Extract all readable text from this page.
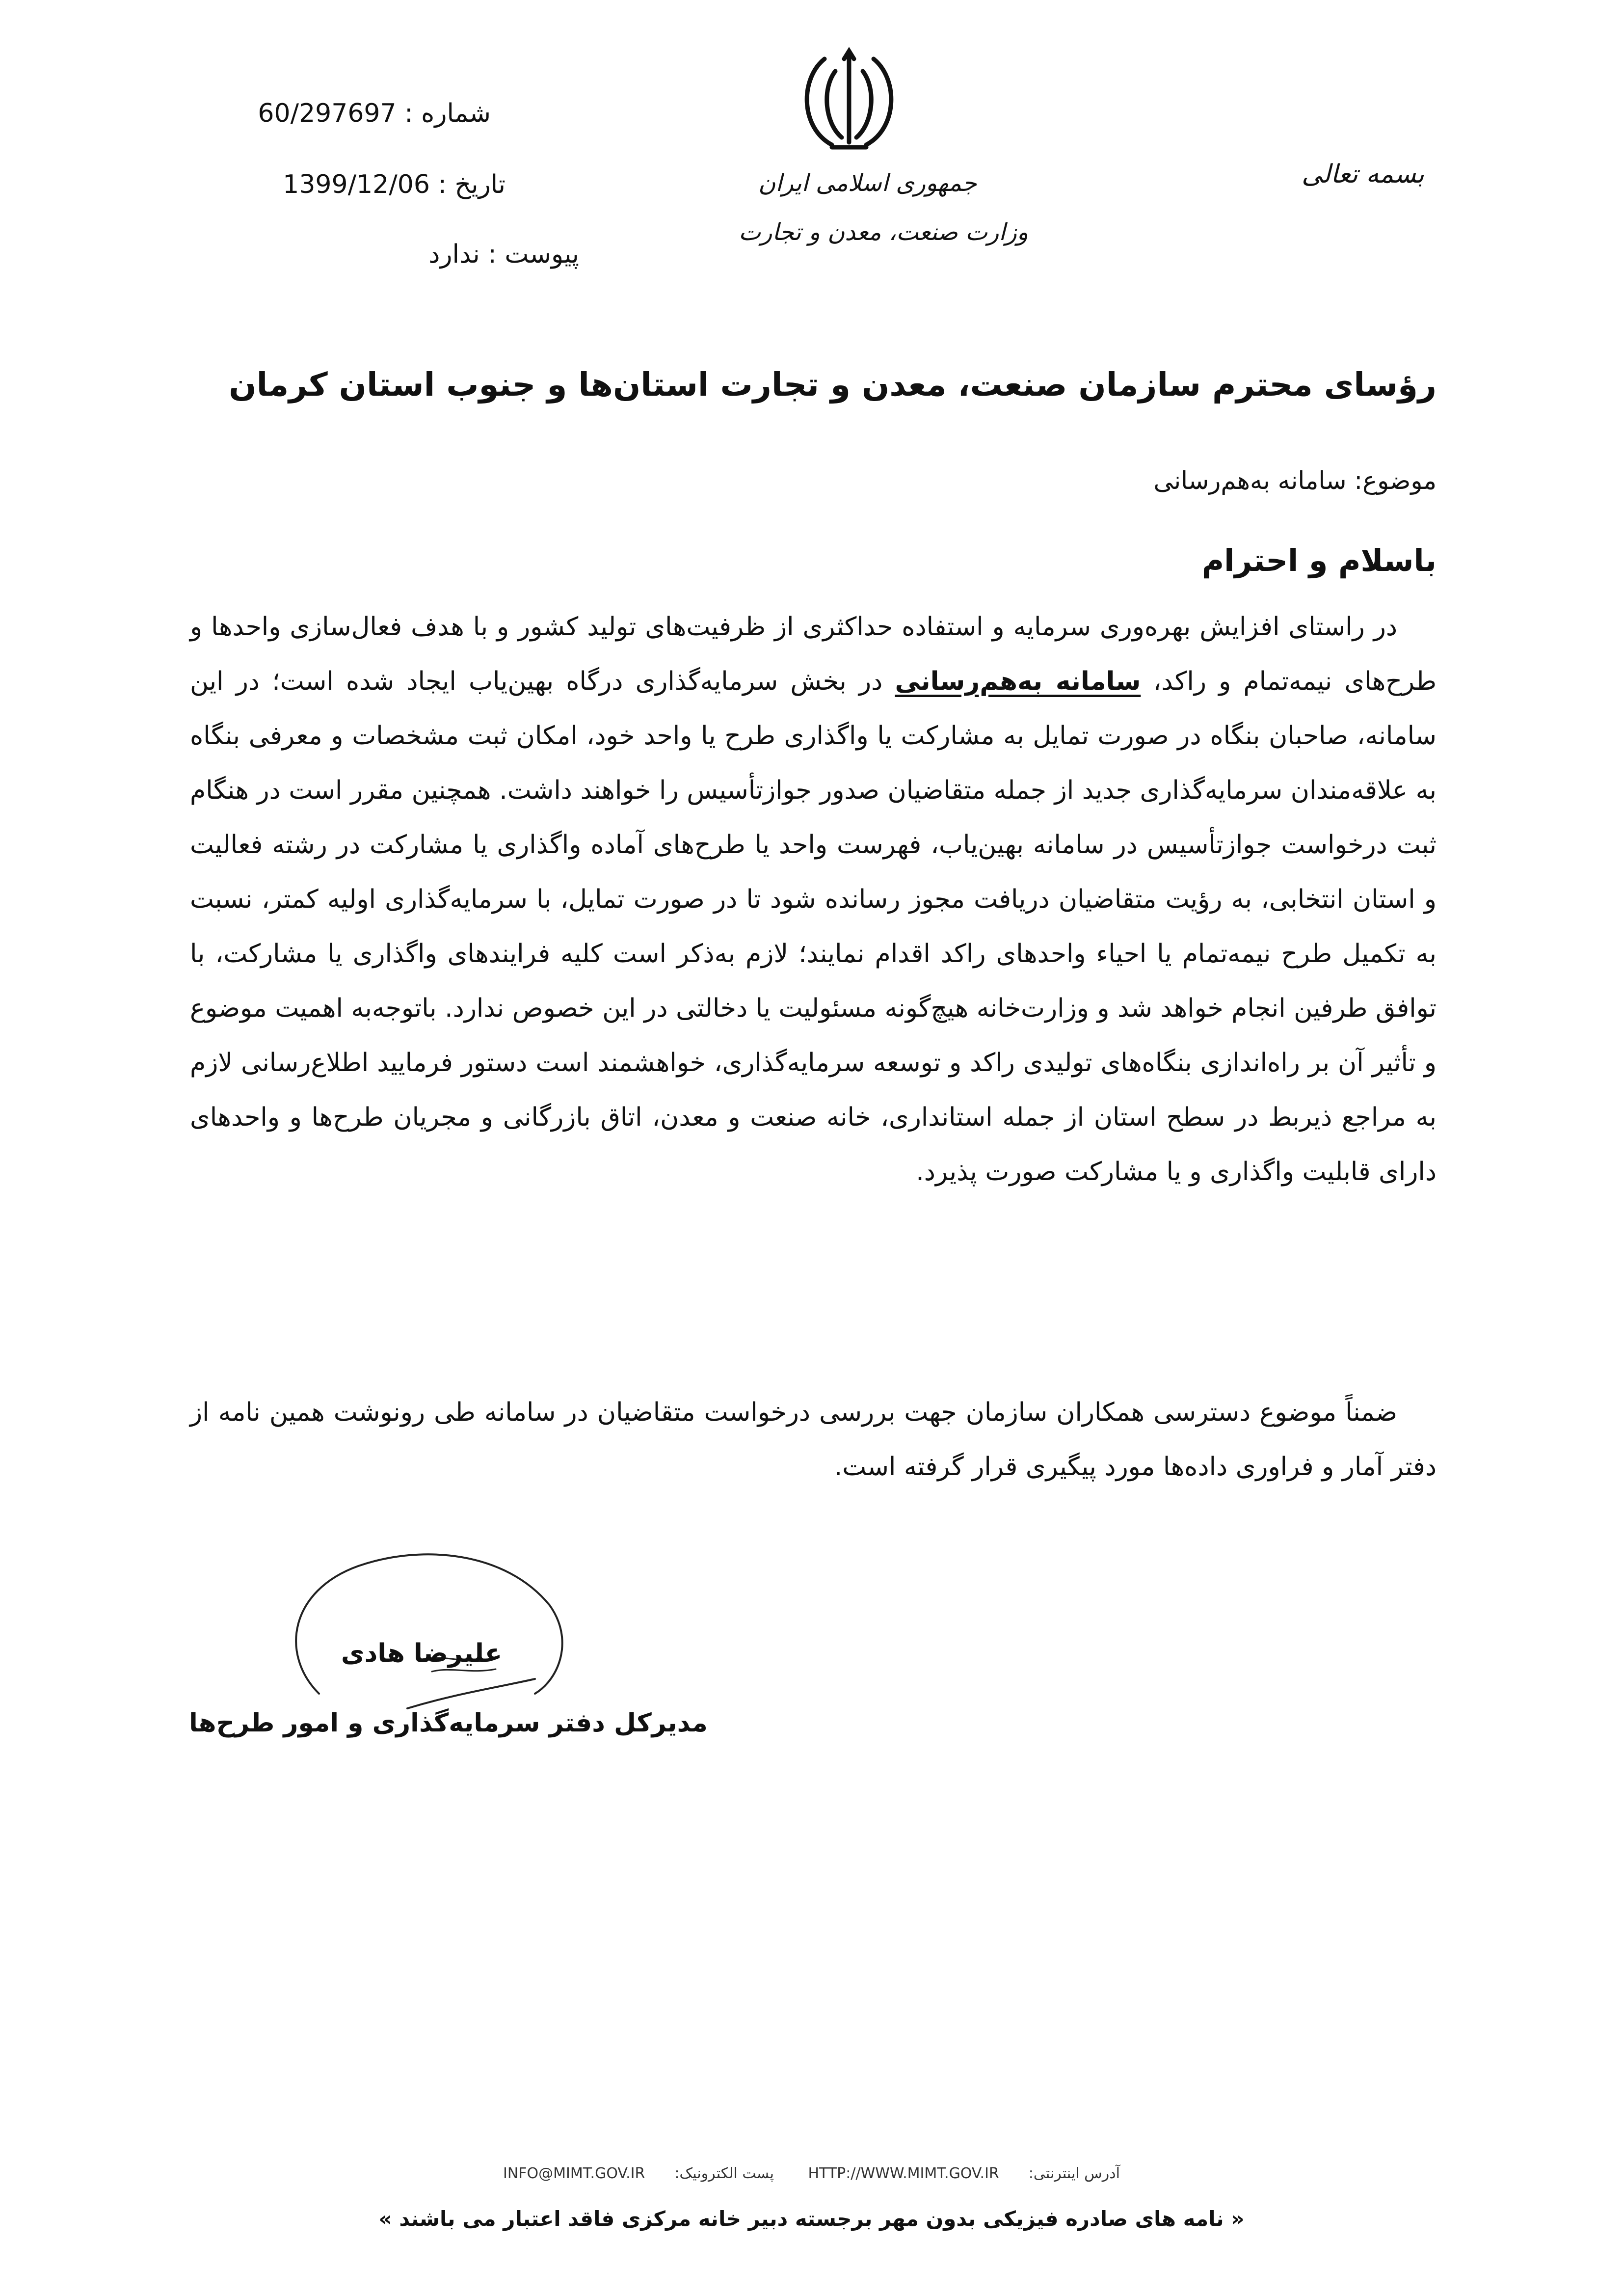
شماره : 60/297697
تاریخ : 1399/12/06
پیوست : ندارد
جمهوری اسلامی ایران
وزارت صنعت، معدن و تجارت
بسمه تعالی
رؤسای محترم سازمان صنعت، معدن و تجارت استان‌ها و جنوب استان کرمان
موضوع: سامانه به‌هم‌رسانی
باسلام و احترام
در راستای افزایش بهره‌وری سرمایه و استفاده حداکثری از ظرفیت‌های تولید کشور و با هدف فعال‌سازی واحدها و طرح‌های نیمه‌تمام و راکد، سامانه به‌هم‌رسانی در بخش سرمایه‌گذاری درگاه بهین‌یاب ایجاد شده است؛ در این سامانه، صاحبان بنگاه در صورت تمایل به مشارکت یا واگذاری طرح یا واحد خود، امکان ثبت مشخصات و معرفی بنگاه به علاقه‌مندان سرمایه‌گذاری جدید از جمله متقاضیان صدور جوازتأسیس را خواهند داشت. همچنین مقرر است در هنگام ثبت درخواست جوازتأسیس در سامانه بهین‌یاب، فهرست واحد یا طرح‌های آماده واگذاری یا مشارکت در رشته فعالیت و استان انتخابی، به رؤیت متقاضیان دریافت مجوز رسانده شود تا در صورت تمایل، با سرمایه‌گذاری اولیه کمتر، نسبت به تکمیل طرح نیمه‌تمام یا احیاء واحدهای راکد اقدام نمایند؛ لازم به‌ذکر است کلیه فرایندهای واگذاری یا مشارکت، با توافق طرفین انجام خواهد شد و وزارت‌خانه هیچ‌گونه مسئولیت یا دخالتی در این خصوص ندارد. باتوجه‌به اهمیت موضوع و تأثیر آن بر راه‌اندازی بنگاه‌های تولیدی راکد و توسعه سرمایه‌گذاری، خواهشمند است دستور فرمایید اطلاع‌رسانی لازم به مراجع ذیربط در سطح استان از جمله استانداری، خانه صنعت و معدن، اتاق بازرگانی و مجریان طرح‌ها و واحدهای دارای قابلیت واگذاری و یا مشارکت صورت پذیرد.
ضمناً موضوع دسترسی همکاران سازمان جهت بررسی درخواست متقاضیان در سامانه طی رونوشت همین نامه از دفتر آمار و فراوری داده‌ها مورد پیگیری قرار گرفته است.
علیرضا هادی
مدیرکل دفتر سرمایه‌گذاری و امور طرح‌ها
INFO@MIMT.GOV.IR پست الکترونیک: HTTP://WWW.MIMT.GOV.IR آدرس اینترنتی:
« نامه های صادره فیزیکی بدون مهر برجسته دبیر خانه مرکزی فاقد اعتبار می باشند »
